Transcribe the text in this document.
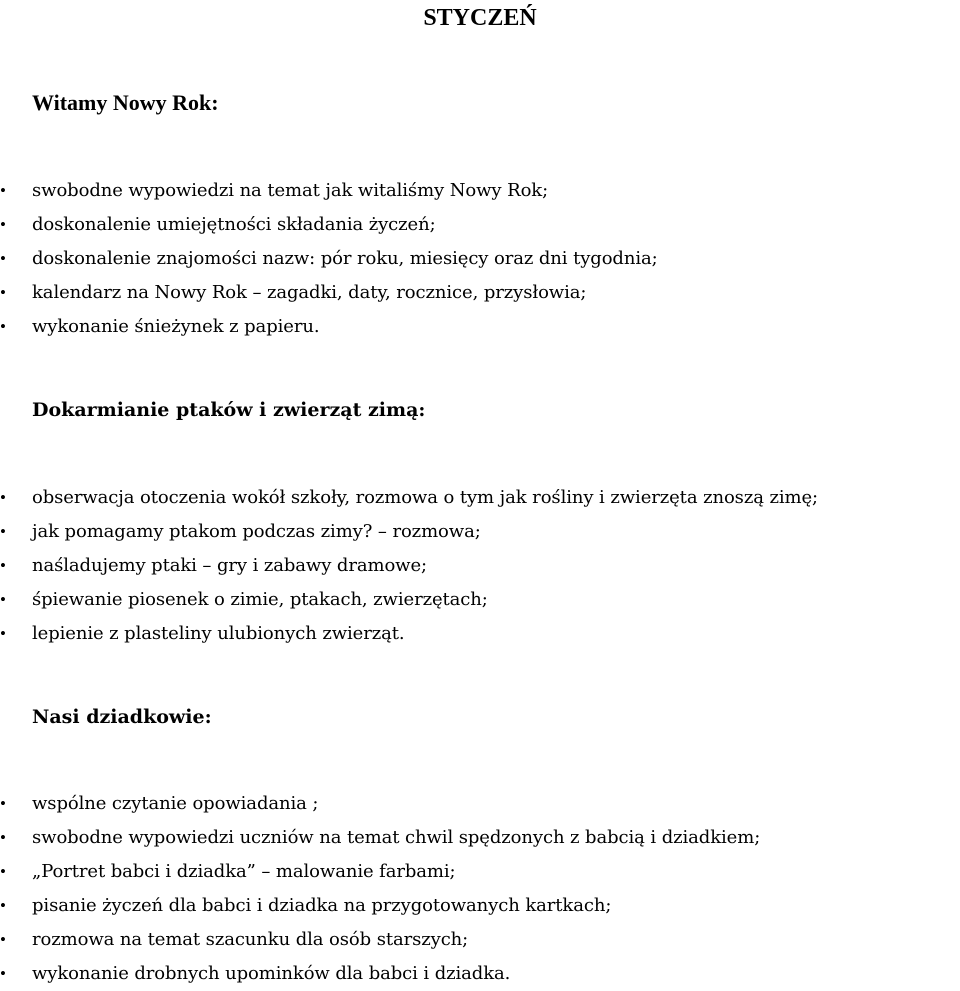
STYCZEŃ
Witamy Nowy Rok:
•	swobodne wypowiedzi na temat jak witaliśmy Nowy Rok;
•	doskonalenie umiejętności składania życzeń;
•	doskonalenie znajomości nazw: pór roku, miesięcy oraz dni tygodnia;
•	kalendarz na Nowy Rok – zagadki, daty, rocznice, przysłowia;
•	wykonanie śnieżynek z papieru.
Dokarmianie ptaków i zwierząt zimą:
•	obserwacja otoczenia wokół szkoły, rozmowa o tym jak rośliny i zwierzęta znoszą zimę;
•	jak pomagamy ptakom podczas zimy? – rozmowa;
•	naśladujemy ptaki – gry i zabawy dramowe;
•	śpiewanie piosenek o zimie, ptakach, zwierzętach;
•	lepienie z plasteliny ulubionych zwierząt.
Nasi dziadkowie:
•	wspólne czytanie opowiadania ;
•	swobodne wypowiedzi uczniów na temat chwil spędzonych z babcią i dziadkiem;
•	„Portret babci i dziadka” – malowanie farbami;
•	pisanie życzeń dla babci i dziadka na przygotowanych kartkach;
•	rozmowa na temat szacunku dla osób starszych;
•	wykonanie drobnych upominków dla babci i dziadka.
